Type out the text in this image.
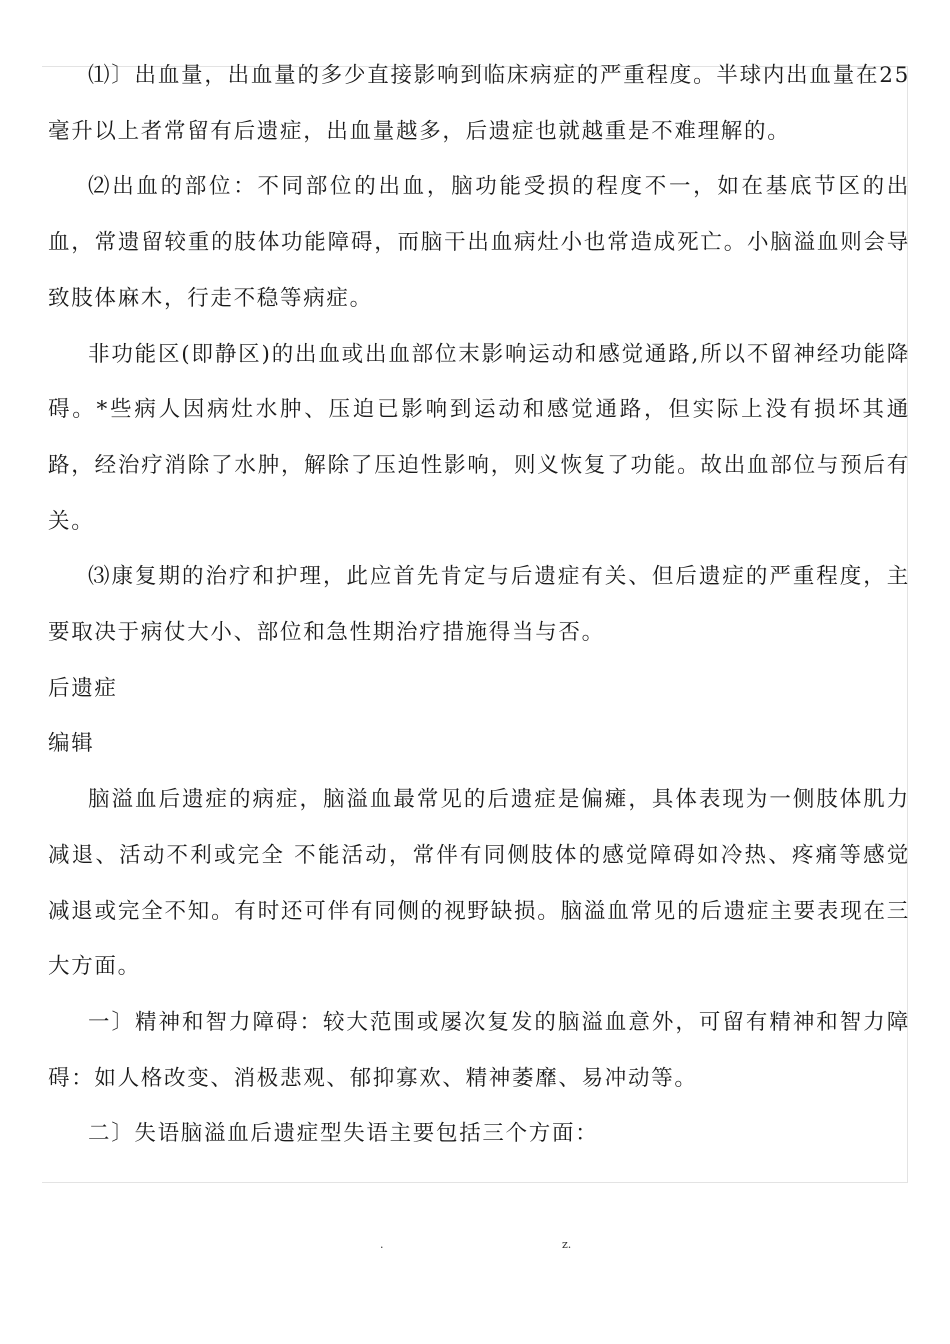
⑴〕出血量，出血量的多少直接影响到临床病症的严重程度。半球内出血量在25毫升以上者常留有后遗症，出血量越多，后遗症也就越重是不难理解的。

⑵出血的部位：不同部位的出血，脑功能受损的程度不一，如在基底节区的出血，常遗留较重的肢体功能障碍，而脑干出血病灶小也常造成死亡。小脑溢血则会导致肢体麻木，行走不稳等病症。

非功能区(即静区)的出血或出血部位末影响运动和感觉通路,所以不留神经功能降碍。*些病人因病灶水肿、压迫已影响到运动和感觉通路，但实际上没有损坏其通路，经治疗消除了水肿，解除了压迫性影响，则义恢复了功能。故出血部位与预后有关。

⑶康复期的治疗和护理，此应首先肯定与后遗症有关、但后遗症的严重程度，主要取决于病仗大小、部位和急性期治疗措施得当与否。

后遗症

编辑

脑溢血后遗症的病症，脑溢血最常见的后遗症是偏瘫，具体表现为一侧肢体肌力减退、活动不利或完全 不能活动，常伴有同侧肢体的感觉障碍如冷热、疼痛等感觉减退或完全不知。有时还可伴有同侧的视野缺损。脑溢血常见的后遗症主要表现在三大方面。

一〕精神和智力障碍：较大范围或屡次复发的脑溢血意外，可留有精神和智力障碍：如人格改变、消极悲观、郁抑寡欢、精神萎靡、易冲动等。

二〕失语脑溢血后遗症型失语主要包括三个方面：

.	z.
